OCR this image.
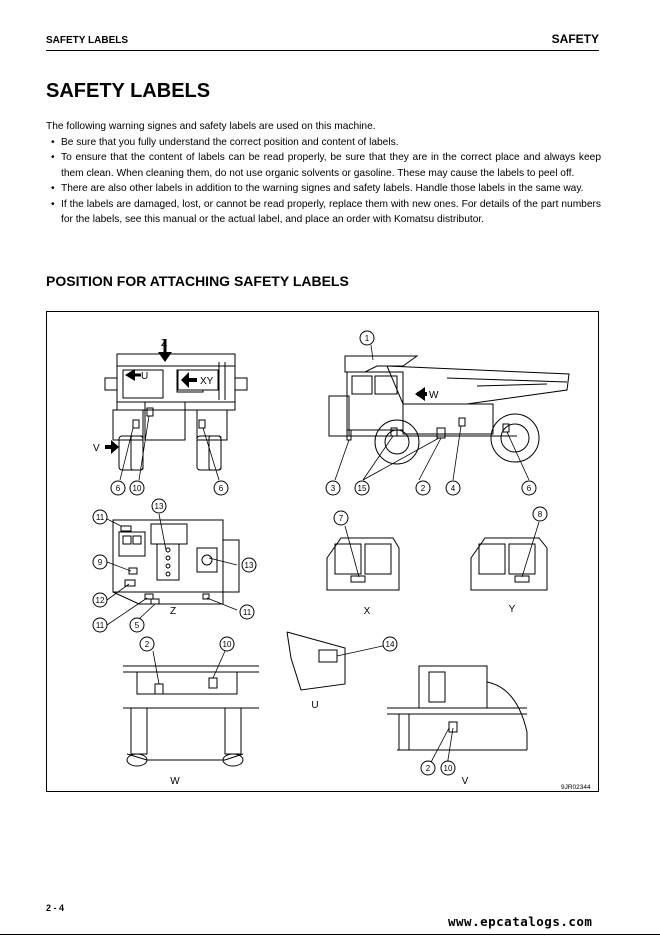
SAFETY LABELS	SAFETY
SAFETY LABELS
The following warning signes and safety labels are used on this machine.
• Be sure that you fully understand the correct position and content of labels.
• To ensure that the content of labels can be read properly, be sure that they are in the correct place and always keep them clean. When cleaning them, do not use organic solvents or gasoline. These may cause the labels to peel off.
• There are also other labels in addition to the warning signes and safety labels. Handle those labels in the same way.
• If the labels are damaged, lost, or cannot be read properly, replace them with new ones. For details of the part numbers for the labels, see this manual or the actual label, and place an order with Komatsu distributor.
POSITION FOR ATTACHING SAFETY LABELS
Z
U	XY
V
W
6 10	6
1
3	15	2	4	6
13
11
9
12
11	5
13
11
7	8
2	10	14
2 10
Z	X	Y
U
W	V
9JR02344
2 - 4
www.epcatalogs.com
